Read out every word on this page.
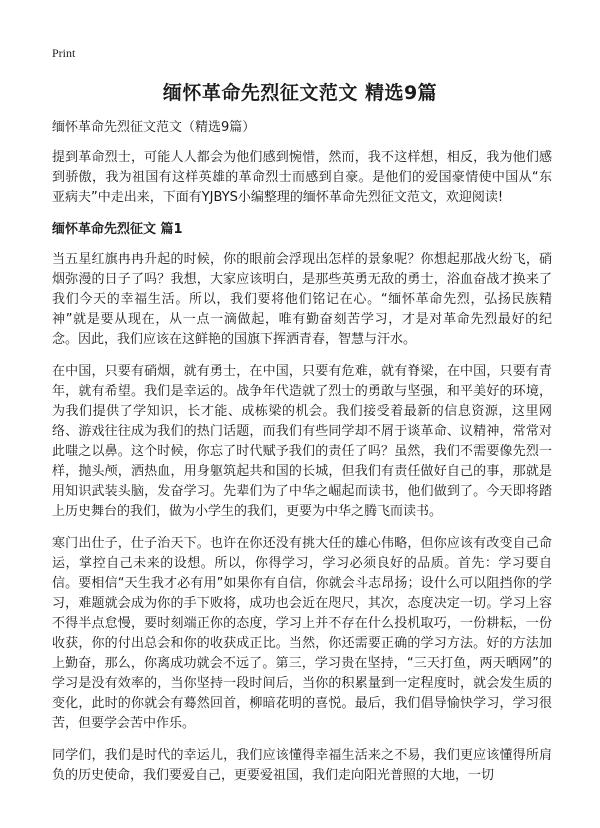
Print
缅怀革命先烈征文范文 精选9篇

缅怀革命先烈征文范文（精选9篇）

提到革命烈士，可能人人都会为他们感到惋惜，然而，我不这样想，相反，我为他们感到骄傲，我为祖国有这样英雄的革命烈士而感到自豪。是他们的爱国豪情使中国从“东亚病夫”中走出来，下面有YJBYS小编整理的缅怀革命先烈征文范文，欢迎阅读!

缅怀革命先烈征文 篇1

当五星红旗冉冉升起的时候，你的眼前会浮现出怎样的景象呢？你想起那战火纷飞，硝烟弥漫的日子了吗？我想，大家应该明白，是那些英勇无敌的勇士，浴血奋战才换来了我们今天的幸福生活。所以，我们要将他们铭记在心。“缅怀革命先烈，弘扬民族精神”就是要从现在，从一点一滴做起，唯有勤奋刻苦学习，才是对革命先烈最好的纪念。因此，我们应该在这鲜艳的国旗下挥洒青春，智慧与汗水。

在中国，只要有硝烟，就有勇士，在中国，只要有危难，就有脊梁，在中国，只要有青年，就有希望。我们是幸运的。战争年代造就了烈士的勇敢与坚强，和平美好的环境，为我们提供了学知识，长才能、成栋梁的机会。我们接受着最新的信息资源，这里网络、游戏往往成为我们的热门话题，而我们有些同学却不屑于谈革命、议精神，常常对此嗤之以鼻。这个时候，你忘了时代赋予我们的责任了吗？虽然，我们不需要像先烈一样，抛头颅，洒热血，用身躯筑起共和国的长城，但我们有责任做好自己的事，那就是用知识武装头脑，发奋学习。先辈们为了中华之崛起而读书，他们做到了。今天即将踏上历史舞台的我们，做为小学生的我们，更要为中华之腾飞而读书。

寒门出仕子，仕子治天下。也许在你还没有挑大任的雄心伟略，但你应该有改变自己命运，掌控自己未来的设想。所以，你得学习，学习必须良好的品质。首先：学习要自信。要相信“天生我才必有用”如果你有自信，你就会斗志昂扬；设什么可以阻挡你的学习，难题就会成为你的手下败将，成功也会近在咫尺，其次，态度决定一切。学习上容不得半点怠慢，要时刻端正你的态度，学习上并不存在什么投机取巧，一份耕耘，一份收获，你的付出总会和你的收获成正比。当然，你还需要正确的学习方法。好的方法加上勤奋，那么，你离成功就会不远了。第三，学习贵在坚持，“三天打鱼，两天晒网”的学习是没有效率的，当你坚持一段时间后，当你的积累量到一定程度时，就会发生质的变化，此时的你就会有蓦然回首，柳暗花明的喜悦。最后，我们倡导愉快学习，学习很苦，但要学会苦中作乐。

同学们，我们是时代的幸运儿，我们应该懂得幸福生活来之不易，我们更应该懂得所肩负的历史使命，我们要爱自己，更要爱祖国，我们走向阳光普照的大地，一切
